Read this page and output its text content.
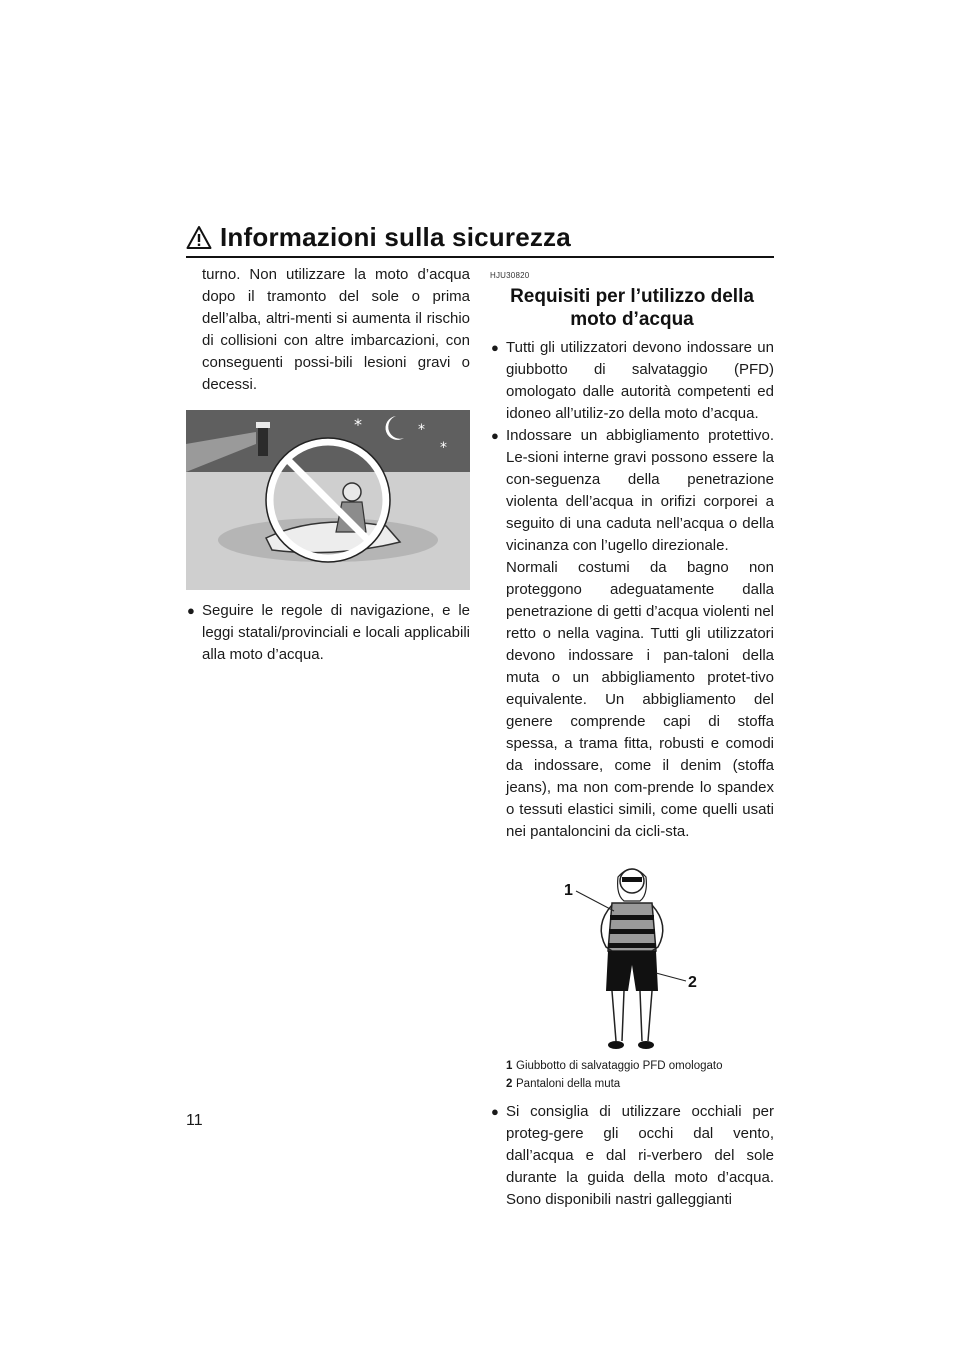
Informazioni sulla sicurezza

turno. Non utilizzare la moto d’acqua dopo il tramonto del sole o prima dell’alba, altri-menti si aumenta il rischio di collisioni con altre imbarcazioni, con conseguenti possi-bili lesioni gravi o decessi.

*	*
*
● Seguire le regole di navigazione, e le leggi statali/provinciali e locali applicabili alla moto d’acqua.

HJU30820

Requisiti per l’utilizzo della moto d’acqua

● Tutti gli utilizzatori devono indossare un giubbotto di salvataggio (PFD) omologato dalle autorità competenti ed idoneo all’utiliz-zo della moto d’acqua.
● Indossare un abbigliamento protettivo. Le-sioni interne gravi possono essere la con-seguenza della penetrazione violenta dell’acqua in orifizi corporei a seguito di una caduta nell’acqua o della vicinanza con l’ugello direzionale.

Normali costumi da bagno non proteggono adeguatamente dalla penetrazione di getti d’acqua violenti nel retto o nella vagina. Tutti gli utilizzatori devono indossare i pan-taloni della muta o un abbigliamento protet-tivo equivalente. Un abbigliamento del genere comprende capi di stoffa spessa, a trama fitta, robusti e comodi da indossare, come il denim (stoffa jeans), ma non com-prende lo spandex o tessuti elastici simili, come quelli usati nei pantaloncini da cicli-sta.

1
2
1 Giubbotto di salvataggio PFD omologato
2 Pantaloni della muta
● Si consiglia di utilizzare occhiali per proteg-gere gli occhi dal vento, dall’acqua e dal ri-verbero del sole durante la guida della moto d’acqua. Sono disponibili nastri galleggianti
11
